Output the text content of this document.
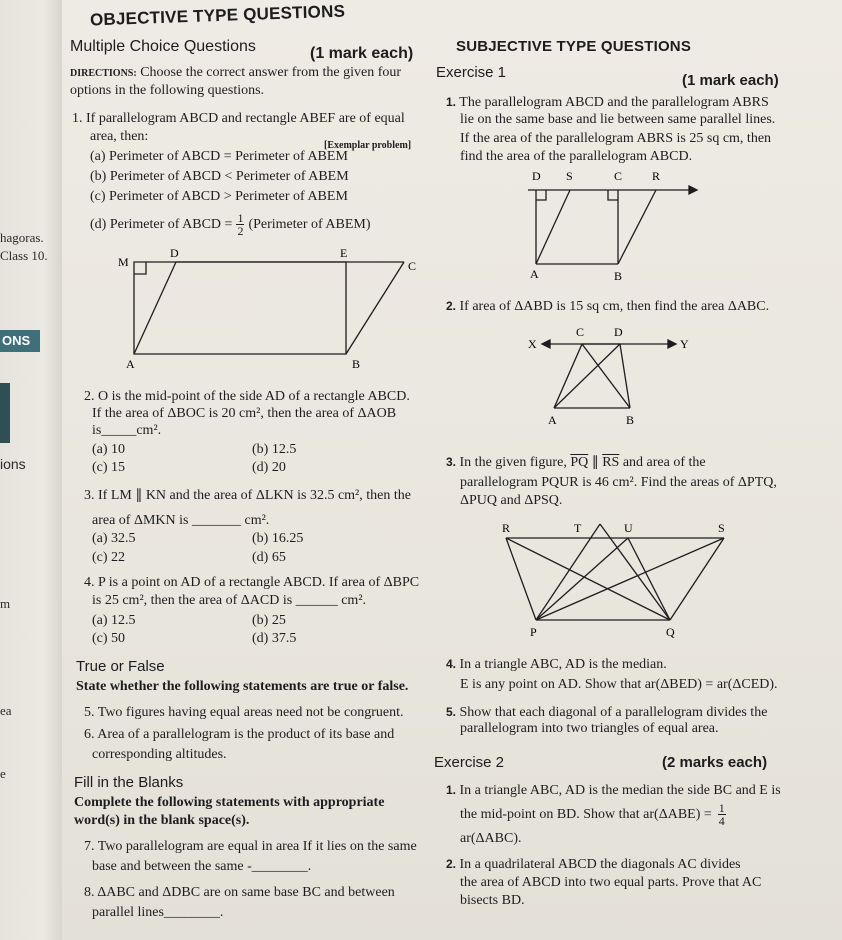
hagoras.
Class 10.
ONS
ions
m
ea
e
OBJECTIVE TYPE QUESTIONS
Multiple Choice Questions	(1 mark each)
DIRECTIONS: Choose the correct answer from the given four
options in the following questions.
1. If parallelogram ABCD and rectangle ABEF are of equal
area, then:
[Exemplar problem]
(a) Perimeter of ABCD = Perimeter of ABEM
(b) Perimeter of ABCD < Perimeter of ABEM
(c) Perimeter of ABCD > Perimeter of ABEM
(d) Perimeter of ABCD = $\frac{1}{2}$ (Perimeter of ABEM)
M
D	E
C
A	B
2. O is the mid-point of the side AD of a rectangle ABCD.
If the area of ΔBOC is 20 cm², then the area of ΔAOB
is_____cm².
(a) 10	(b) 12.5
(c) 15	(d) 20
3. If LM ∥ KN and the area of ΔLKN is 32.5 cm², then the
area of ΔMKN is _______ cm².
(a) 32.5	(b) 16.25
(c) 22	(d) 65
4. P is a point on AD of a rectangle ABCD. If area of ΔBPC
is 25 cm², then the area of ΔACD is ______ cm².
(a) 12.5	(b) 25
(c) 50	(d) 37.5
True or False
State whether the following statements are true or false.
5. Two figures having equal areas need not be congruent.
6. Area of a parallelogram is the product of its base and
corresponding altitudes.
Fill in the Blanks
Complete the following statements with appropriate
word(s) in the blank space(s).
7. Two parallelogram are equal in area If it lies on the same
base and between the same -________.
8. ΔABC and ΔDBC are on same base BC and between
parallel lines________.
SUBJECTIVE TYPE QUESTIONS
Exercise 1	(1 mark each)
1. The parallelogram ABCD and the parallelogram ABRS
lie on the same base and lie between same parallel lines.
If the area of the parallelogram ABRS is 25 sq cm, then
find the area of the parallelogram ABCD.
D S	C R
A	B
2. If area of ΔABD is 15 sq cm, then find the area ΔABC.
X
C D
Y
A	B
3. In the given figure, $\overline{PQ}$ ∥ $\overline{RS}$ and area of the
parallelogram PQUR is 46 cm². Find the areas of ΔPTQ,
ΔPUQ and ΔPSQ.
R	T	U	S
P	Q
4. In a triangle ABC, AD is the median.
E is any point on AD. Show that ar(ΔBED) = ar(ΔCED).
5. Show that each diagonal of a parallelogram divides the
parallelogram into two triangles of equal area.
Exercise 2	(2 marks each)
1. In a triangle ABC, AD is the median the side BC and E is
the mid-point on BD. Show that $ar(\Delta ABE) = \frac{1}{4}$
ar(ΔABC).
2. In a quadrilateral ABCD the diagonals AC divides
the area of ABCD into two equal parts. Prove that AC
bisects BD.
